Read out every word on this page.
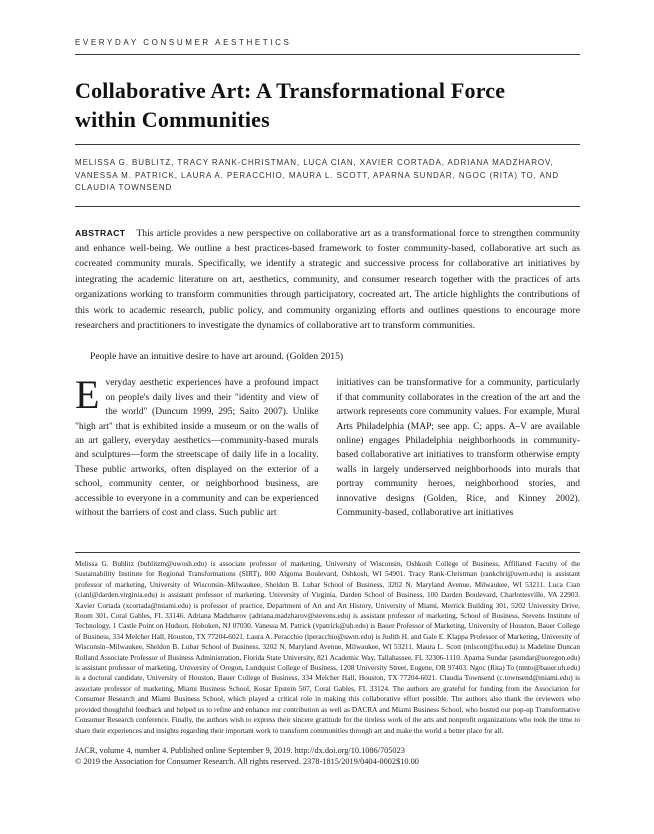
EVERYDAY CONSUMER AESTHETICS
Collaborative Art: A Transformational Force
within Communities
MELISSA G. BUBLITZ, TRACY RANK-CHRISTMAN, LUCA CIAN, XAVIER CORTADA, ADRIANA MADZHAROV, VANESSA M. PATRICK, LAURA A. PERACCHIO, MAURA L. SCOTT, APARNA SUNDAR, NGOC (RITA) TO, AND CLAUDIA TOWNSEND

ABSTRACT This article provides a new perspective on collaborative art as a transformational force to strengthen community and enhance well-being. We outline a best practices-based framework to foster community-based, collaborative art such as cocreated community murals. Specifically, we identify a strategic and successive process for collaborative art initiatives by integrating the academic literature on art, aesthetics, community, and consumer research together with the practices of arts organizations working to transform communities through participatory, cocreated art. The article highlights the contributions of this work to academic research, public policy, and community organizing efforts and outlines questions to encourage more researchers and practitioners to investigate the dynamics of collaborative art to transform communities.

People have an intuitive desire to have art around. (Golden 2015)

E veryday aesthetic experiences have a profound impact on people's daily lives and their "identity and view of the world" (Duncum 1999, 295; Saito 2007). Unlike "high art" that is exhibited inside a museum or on the walls of an art gallery, everyday aesthetics—community-based murals and sculptures—form the streetscape of daily life in a locality. These public artworks, often displayed on the exterior of a school, community center, or neighborhood business, are accessible to everyone in a community and can be experienced without the barriers of cost and class. Such public art

initiatives can be transformative for a community, particularly if that community collaborates in the creation of the art and the artwork represents core community values. For example, Mural Arts Philadelphia (MAP; see app. C; apps. A–V are available online) engages Philadelphia neighborhoods in community-based collaborative art initiatives to transform otherwise empty walls in largely underserved neighborhoods into murals that portray community heroes, neighborhood stories, and innovative designs (Golden, Rice, and Kinney 2002). Community-based, collaborative art initiatives

Melissa G. Bublitz (bublitzm@uwosh.edu) is associate professor of marketing, University of Wisconsin, Oshkosh College of Business, Affiliated Faculty of the Sustainability Institute for Regional Transformations (SIRT), 800 Algoma Boulevard, Oshkosh, WI 54901. Tracy Rank-Christman (rankchri@uwm.edu) is assistant professor of marketing, University of Wisconsin–Milwaukee, Sheldon B. Lubar School of Business, 3202 N. Maryland Avenue, Milwaukee, WI 53211. Luca Cian (cianl@darden.virginia.edu) is assistant professor of marketing, University of Virginia, Darden School of Business, 100 Darden Boulevard, Charlottesville, VA 22903. Xavier Cortada (xcortada@miami.edu) is professor of practice, Department of Art and Art History, University of Miami, Merrick Building 301, 5202 University Drive, Room 301, Coral Gables, FL 33146. Adriana Madzharov (adriana.madzharov@stevens.edu) is assistant professor of marketing, School of Business, Stevens Institute of Technology, 1 Castle Point on Hudson, Hoboken, NJ 07030. Vanessa M. Patrick (vpatrick@uh.edu) is Bauer Professor of Marketing, University of Houston, Bauer College of Business, 334 Melcher Hall, Houston, TX 77204-6021. Laura A. Peracchio (lperacchio@uwm.edu) is Judith H. and Gale E. Klappa Professor of Marketing, University of Wisconsin–Milwaukee, Sheldon B. Lubar School of Business, 3202 N. Maryland Avenue, Milwaukee, WI 53211. Maura L. Scott (mlscott@fsu.edu) is Madeline Duncan Rolland Associate Professor of Business Administration, Florida State University, 821 Academic Way, Tallahassee, FL 32306-1110. Aparna Sundar (asundar@uoregon.edu) is assistant professor of marketing, University of Oregon, Lundquist College of Business, 1208 University Street, Eugene, OR 97403. Ngoc (Rita) To (nmto@bauer.uh.edu) is a doctoral candidate, University of Houston, Bauer College of Business, 334 Melcher Hall, Houston, TX 77204-6021. Claudia Townsend (c.townsend@miami.edu) is associate professor of marketing, Miami Business School, Kosar Epstein 507, Coral Gables, FL 33124. The authors are grateful for funding from the Association for Consumer Research and Miami Business School, which played a critical role in making this collaborative effort possible. The authors also thank the reviewers who provided thoughtful feedback and helped us to refine and enhance our contribution as well as DACRA and Miami Business School, who hosted our pop-up Transformative Consumer Research conference. Finally, the authors wish to express their sincere gratitude for the tireless work of the arts and nonprofit organizations who took the time to share their experiences and insights regarding their important work to transform communities through art and make the world a better place for all.

JACR, volume 4, number 4. Published online September 9, 2019. http://dx.doi.org/10.1086/705023
© 2019 the Association for Consumer Research. All rights reserved. 2378-1815/2019/0404-0002$10.00
